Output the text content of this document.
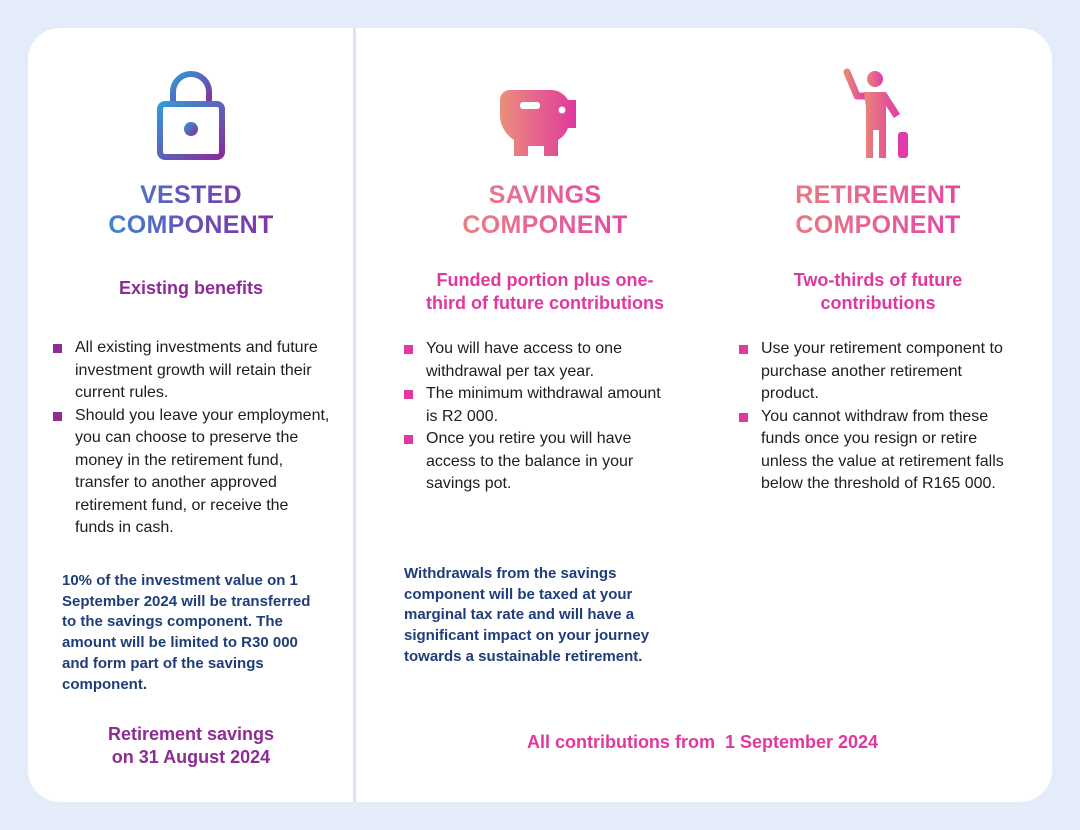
VESTED
COMPONENT
Existing benefits
All existing investments and future investment growth will retain their current rules.
Should you leave your employment, you can choose to preserve the money in the retirement fund, transfer to another approved retirement fund, or receive the funds in cash.
10% of the investment value on 1 September 2024 will be transferred to the savings component. The amount will be limited to R30 000 and form part of the savings component.
Retirement savings
on 31 August 2024
SAVINGS
COMPONENT
Funded portion plus one-
third of future contributions
You will have access to one withdrawal per tax year.
The minimum withdrawal amount is R2 000.
Once you retire you will have access to the balance in your savings pot.
Withdrawals from the savings component will be taxed at your marginal tax rate and will have a significant impact on your journey towards a sustainable retirement.
RETIREMENT
COMPONENT
Two-thirds of future
contributions
Use your retirement component to purchase another retirement product.
You cannot withdraw from these funds once you resign or retire unless the value at retirement falls below the threshold of R165 000.
All contributions from  1 September 2024
